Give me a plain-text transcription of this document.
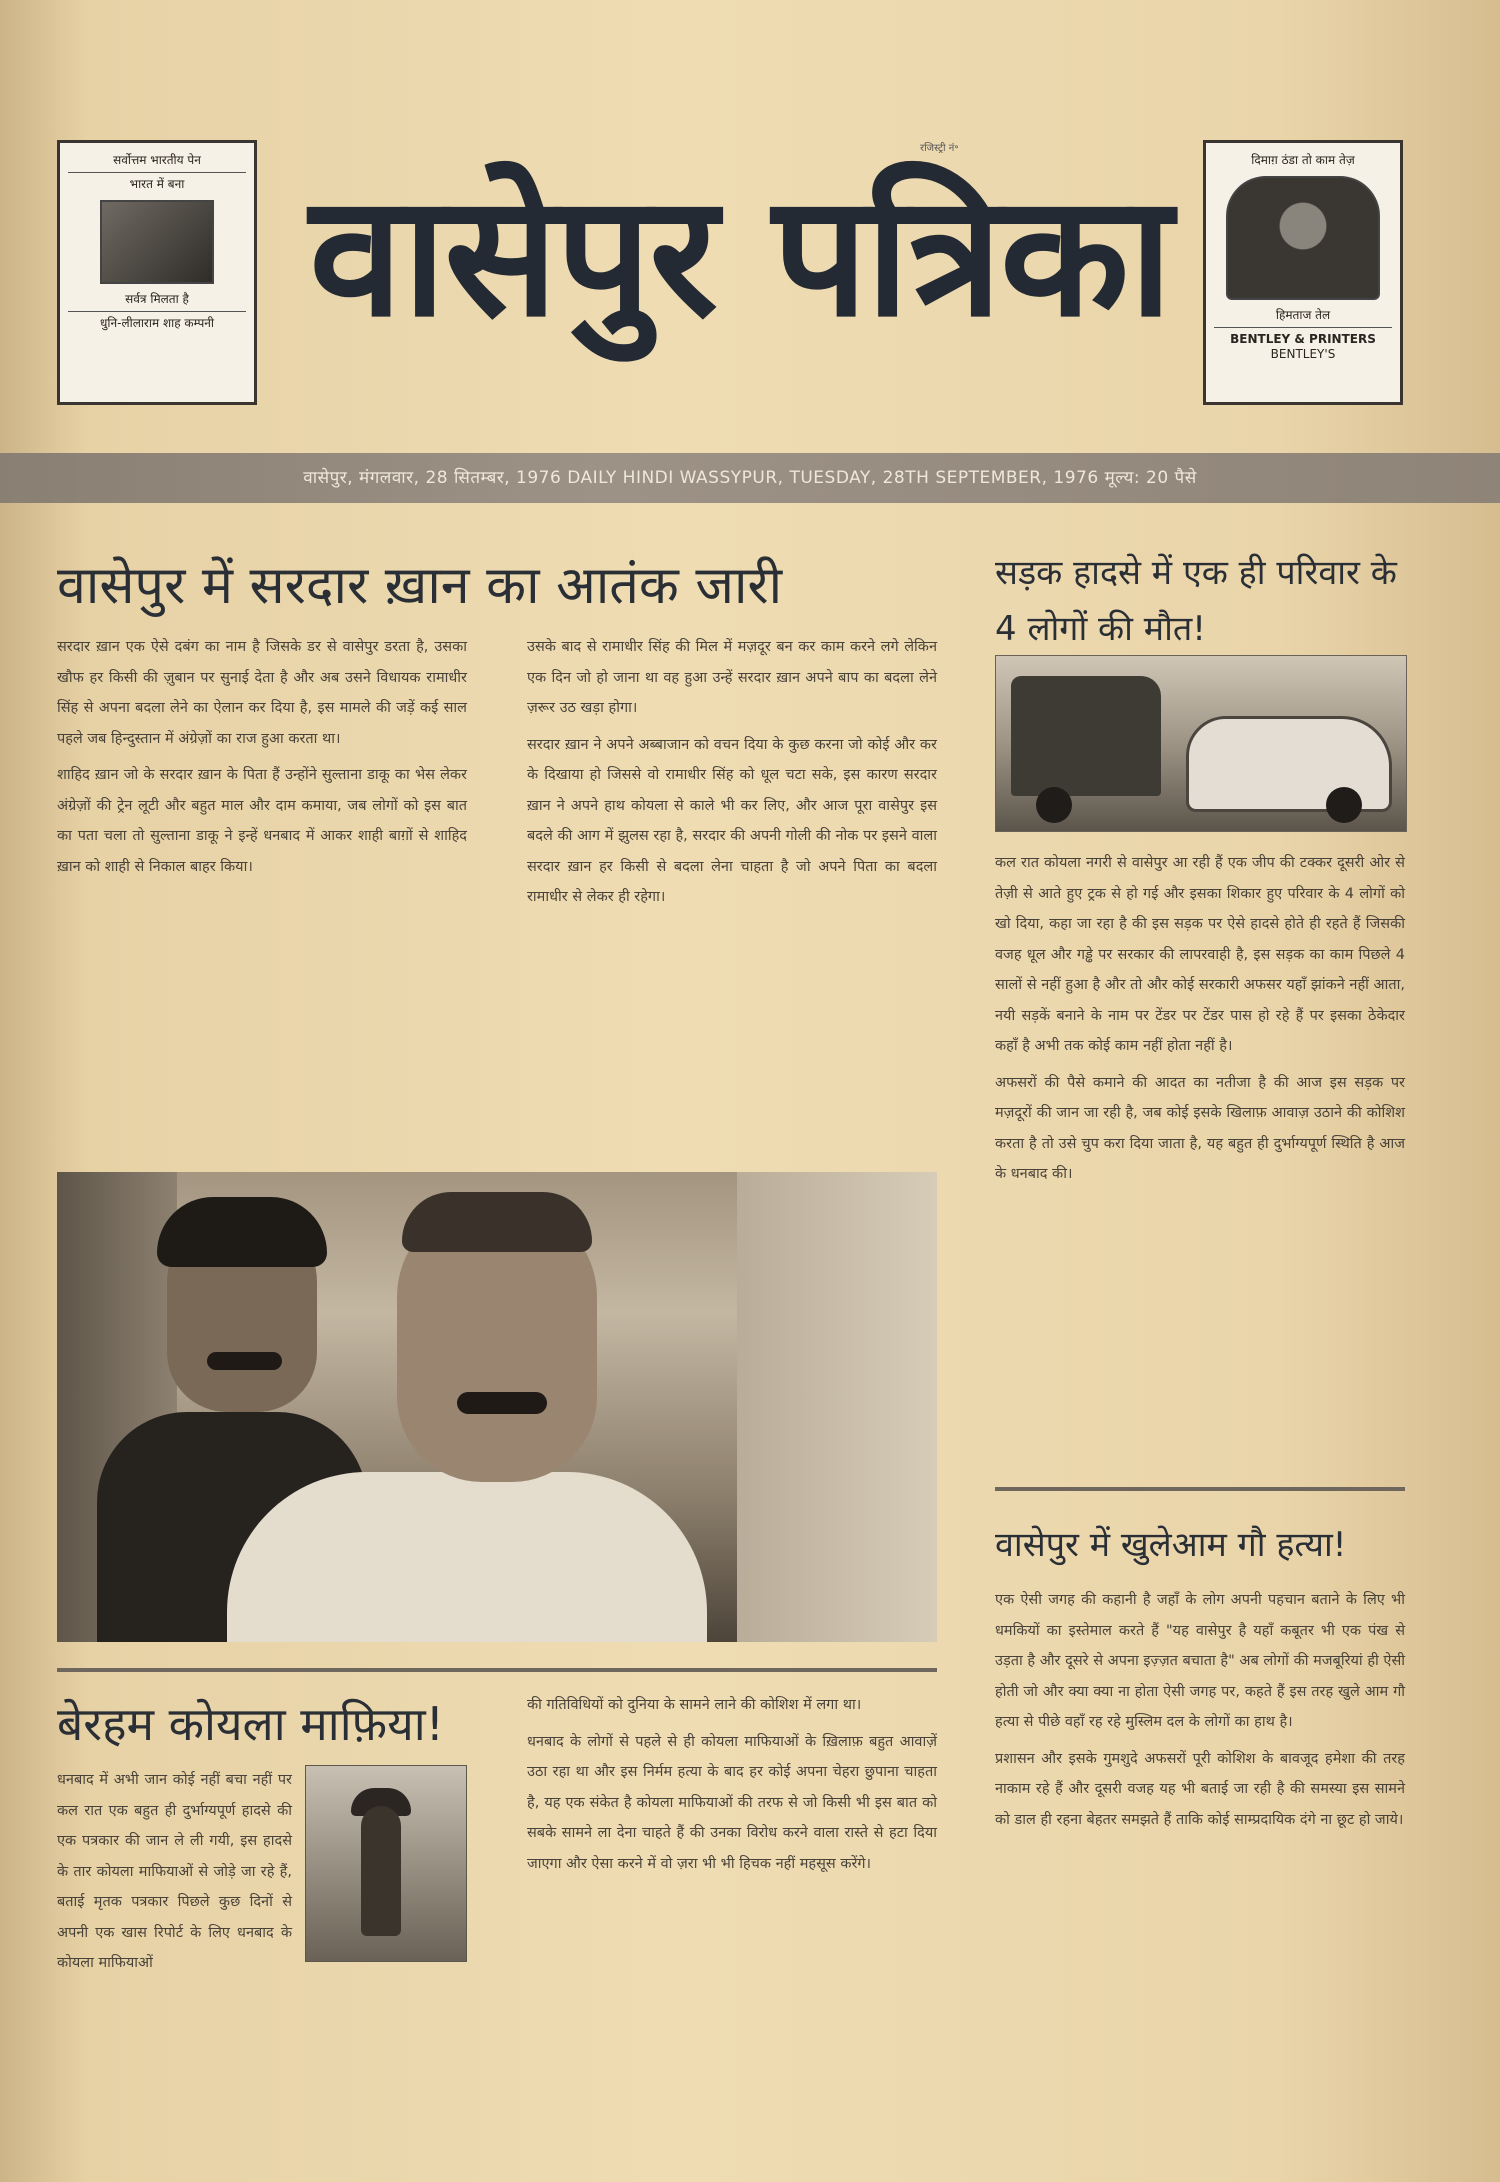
सर्वोत्तम भारतीय पेन
भारत में बना
सर्वत्र मिलता है
धुनि-लीलाराम शाह कम्पनी वासेपुर पत्रिका
रजिस्ट्री नं॰
दिमाग़ ठंडा तो काम तेज़
हिमताज तेल
BENTLEY & PRINTERS
BENTLEY'S
वासेपुर, मंगलवार, 28 सितम्बर, 1976 DAILY HINDI WASSYPUR, TUESDAY, 28TH SEPTEMBER, 1976 मूल्य: 20 पैसे
वासेपुर में सरदार ख़ान का आतंक जारी

सरदार ख़ान एक ऐसे दबंग का नाम है जिसके डर से वासेपुर डरता है, उसका खौफ हर किसी की ज़ुबान पर सुनाई देता है और अब उसने विधायक रामाधीर सिंह से अपना बदला लेने का ऐलान कर दिया है, इस मामले की जड़ें कई साल पहले जब हिन्दुस्तान में अंग्रेज़ों का राज हुआ करता था।

शाहिद ख़ान जो के सरदार ख़ान के पिता हैं उन्होंने सुल्ताना डाकू का भेस लेकर अंग्रेज़ों की ट्रेन लूटी और बहुत माल और दाम कमाया, जब लोगों को इस बात का पता चला तो सुल्ताना डाकू ने इन्हें धनबाद में आकर शाही बाग़ों से शाहिद ख़ान को शाही से निकाल बाहर किया।

उसके बाद से रामाधीर सिंह की मिल में मज़दूर बन कर काम करने लगे लेकिन एक दिन जो हो जाना था वह हुआ उन्हें सरदार ख़ान अपने बाप का बदला लेने ज़रूर उठ खड़ा होगा।

सरदार ख़ान ने अपने अब्बाजान को वचन दिया के कुछ करना जो कोई और कर के दिखाया हो जिससे वो रामाधीर सिंह को धूल चटा सके, इस कारण सरदार ख़ान ने अपने हाथ कोयला से काले भी कर लिए, और आज पूरा वासेपुर इस बदले की आग में झुलस रहा है, सरदार की अपनी गोली की नोक पर इसने वाला सरदार ख़ान हर किसी से बदला लेना चाहता है जो अपने पिता का बदला रामाधीर से लेकर ही रहेगा।

सड़क हादसे में एक ही परिवार के 4 लोगों की मौत!

कल रात कोयला नगरी से वासेपुर आ रही हैं एक जीप की टक्कर दूसरी ओर से तेज़ी से आते हुए ट्रक से हो गई और इसका शिकार हुए परिवार के 4 लोगों को खो दिया, कहा जा रहा है की इस सड़क पर ऐसे हादसे होते ही रहते हैं जिसकी वजह धूल और गड्ढे पर सरकार की लापरवाही है, इस सड़क का काम पिछले 4 सालों से नहीं हुआ है और तो और कोई सरकारी अफसर यहाँ झांकने नहीं आता, नयी सड़कें बनाने के नाम पर टेंडर पर टेंडर पास हो रहे हैं पर इसका ठेकेदार कहाँ है अभी तक कोई काम नहीं होता नहीं है।

अफसरों की पैसे कमाने की आदत का नतीजा है की आज इस सड़क पर मज़दूरों की जान जा रही है, जब कोई इसके खिलाफ़ आवाज़ उठाने की कोशिश करता है तो उसे चुप करा दिया जाता है, यह बहुत ही दुर्भाग्यपूर्ण स्थिति है आज के धनबाद की।

वासेपुर में खुलेआम गौ हत्या!

एक ऐसी जगह की कहानी है जहाँ के लोग अपनी पहचान बताने के लिए भी धमकियों का इस्तेमाल करते हैं "यह वासेपुर है यहाँ कबूतर भी एक पंख से उड़ता है और दूसरे से अपना इज़्ज़त बचाता है" अब लोगों की मजबूरियां ही ऐसी होती जो और क्या क्या ना होता ऐसी जगह पर, कहते हैं इस तरह खुले आम गौ हत्या से पीछे वहाँ रह रहे मुस्लिम दल के लोगों का हाथ है।

प्रशासन और इसके गुमशुदे अफसरों पूरी कोशिश के बावजूद हमेशा की तरह नाकाम रहे हैं और दूसरी वजह यह भी बताई जा रही है की समस्या इस सामने को डाल ही रहना बेहतर समझते हैं ताकि कोई साम्प्रदायिक दंगे ना छूट हो जाये।

बेरहम कोयला माफ़िया!

धनबाद में अभी जान कोई नहीं बचा नहीं पर कल रात एक बहुत ही दुर्भाग्यपूर्ण हादसे की एक पत्रकार की जान ले ली गयी, इस हादसे के तार कोयला माफियाओं से जोड़े जा रहे हैं, बताई मृतक पत्रकार पिछले कुछ दिनों से अपनी एक खास रिपोर्ट के लिए धनबाद के कोयला माफियाओं

की गतिविधियों को दुनिया के सामने लाने की कोशिश में लगा था।

धनबाद के लोगों से पहले से ही कोयला माफियाओं के ख़िलाफ़ बहुत आवाज़ें उठा रहा था और इस निर्मम हत्या के बाद हर कोई अपना चेहरा छुपाना चाहता है, यह एक संकेत है कोयला माफियाओं की तरफ से जो किसी भी इस बात को सबके सामने ला देना चाहते हैं की उनका विरोध करने वाला रास्ते से हटा दिया जाएगा और ऐसा करने में वो ज़रा भी भी हिचक नहीं महसूस करेंगे।
